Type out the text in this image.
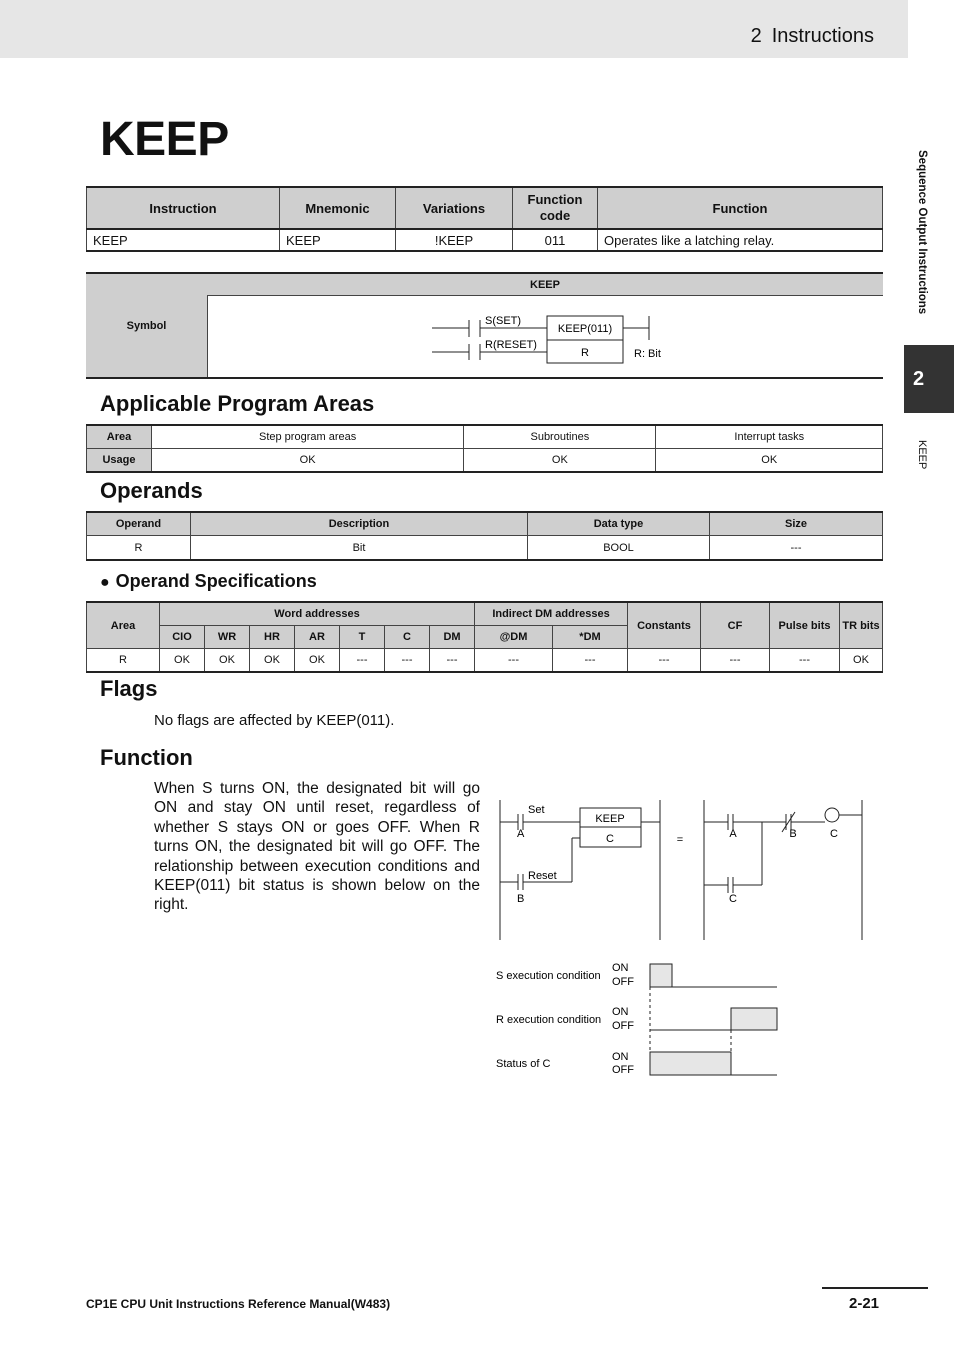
2 Instructions
Sequence Output Instructions
2
KEEP
KEEP
Instruction	Mnemonic	Variations	Function code	Function
KEEP	KEEP	!KEEP	011	Operates like a latching relay.
Symbol
KEEP
S(SET)
R(RESET)
KEEP(011)
R	R: Bit
Applicable Program Areas
Area	Step program areas	Subroutines	Interrupt tasks
Usage	OK	OK	OK
Operands
Operand	Description	Data type	Size
R	Bit	BOOL	---
● Operand Specifications
Area	Word addresses							Indirect DM addresses		Constants	CF	Pulse bits	TR bits
	CIO	WR	HR	AR	T	C	DM	@DM	*DM				
R	OK	OK	OK	OK	---	---	---	---	---	---	---	---	OK
Flags
No flags are affected by KEEP(011).
Function
When S turns ON, the designated bit will go ON and stay ON until reset, regardless of whether S stays ON or goes OFF. When R turns ON, the designated bit will go OFF. The relationship between execution conditions and KEEP(011) bit status is shown below on the right.
Set
A
Reset
B
KEEP
C	=	A	B	C
C
S execution condition
ON
OFF
R execution condition
ON
OFF
Status of C
ON
OFF
CP1E CPU Unit Instructions Reference Manual(W483)	2-21
